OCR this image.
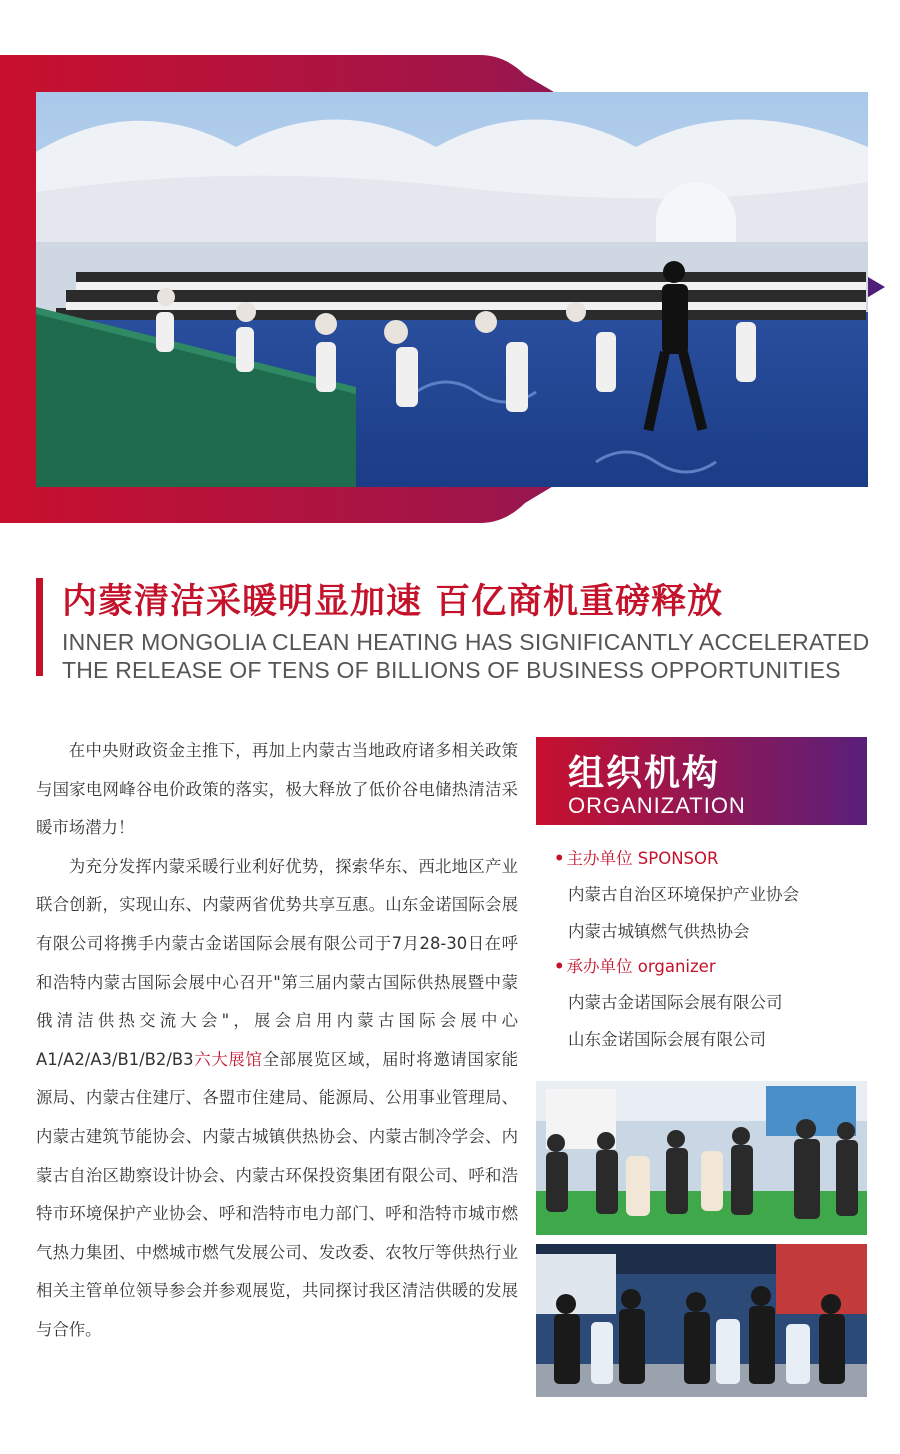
内蒙清洁采暖明显加速 百亿商机重磅释放
INNER MONGOLIA CLEAN HEATING HAS SIGNIFICANTLY ACCELERATED
THE RELEASE OF TENS OF BILLIONS OF BUSINESS OPPORTUNITIES

在中央财政资金主推下，再加上内蒙古当地政府诸多相关政策与国家电网峰谷电价政策的落实，极大释放了低价谷电储热清洁采暖市场潜力！

为充分发挥内蒙采暖行业利好优势，探索华东、西北地区产业联合创新，实现山东、内蒙两省优势共享互惠。山东金诺国际会展有限公司将携手内蒙古金诺国际会展有限公司于7月28-30日在呼和浩特内蒙古国际会展中心召开"第三届内蒙古国际供热展暨中蒙俄清洁供热交流大会"，展会启用内蒙古国际会展中心A1/A2/A3/B1/B2/B3六大展馆全部展览区域，届时将邀请国家能源局、内蒙古住建厅、各盟市住建局、能源局、公用事业管理局、内蒙古建筑节能协会、内蒙古城镇供热协会、内蒙古制冷学会、内蒙古自治区勘察设计协会、内蒙古环保投资集团有限公司、呼和浩特市环境保护产业协会、呼和浩特市电力部门、呼和浩特市城市燃气热力集团、中燃城市燃气发展公司、发改委、农牧厅等供热行业相关主管单位领导参会并参观展览，共同探讨我区清洁供暖的发展与合作。

组织机构
ORGANIZATION
• 主办单位 SPONSOR
内蒙古自治区环境保护产业协会
内蒙古城镇燃气供热协会
• 承办单位 organizer
内蒙古金诺国际会展有限公司
山东金诺国际会展有限公司
